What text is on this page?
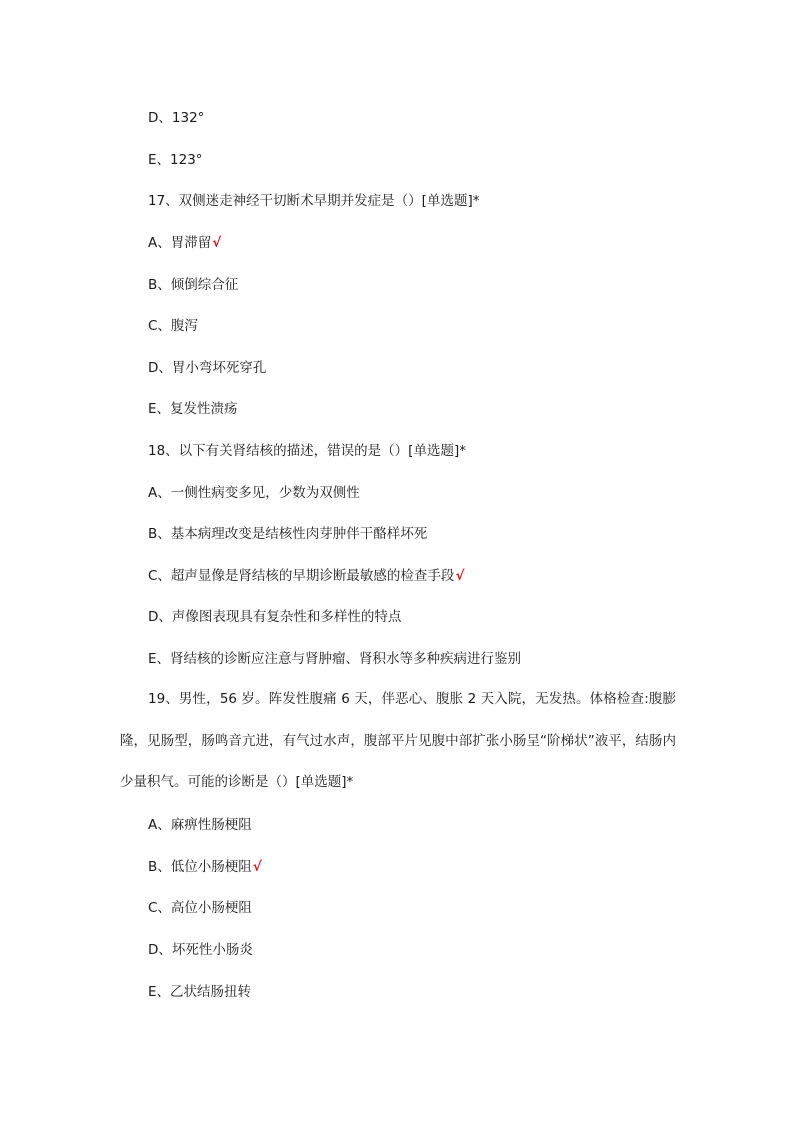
D、132°
E、123°
17、双侧迷走神经干切断术早期并发症是（）[单选题]*
A、胃滞留√
B、倾倒综合征
C、腹泻
D、胃小弯坏死穿孔
E、复发性溃疡
18、以下有关肾结核的描述，错误的是（）[单选题]*
A、一侧性病变多见，少数为双侧性
B、基本病理改变是结核性肉芽肿伴干酪样坏死
C、超声显像是肾结核的早期诊断最敏感的检查手段√
D、声像图表现具有复杂性和多样性的特点
E、肾结核的诊断应注意与肾肿瘤、肾积水等多种疾病进行鉴别
19、男性，56 岁。阵发性腹痛 6 天，伴恶心、腹胀 2 天入院，无发热。体格检查:腹膨隆，见肠型，肠鸣音亢进，有气过水声，腹部平片见腹中部扩张小肠呈“阶梯状”液平，结肠内少量积气。可能的诊断是（）[单选题]*
A、麻痹性肠梗阻
B、低位小肠梗阻√
C、高位小肠梗阻
D、坏死性小肠炎
E、乙状结肠扭转
